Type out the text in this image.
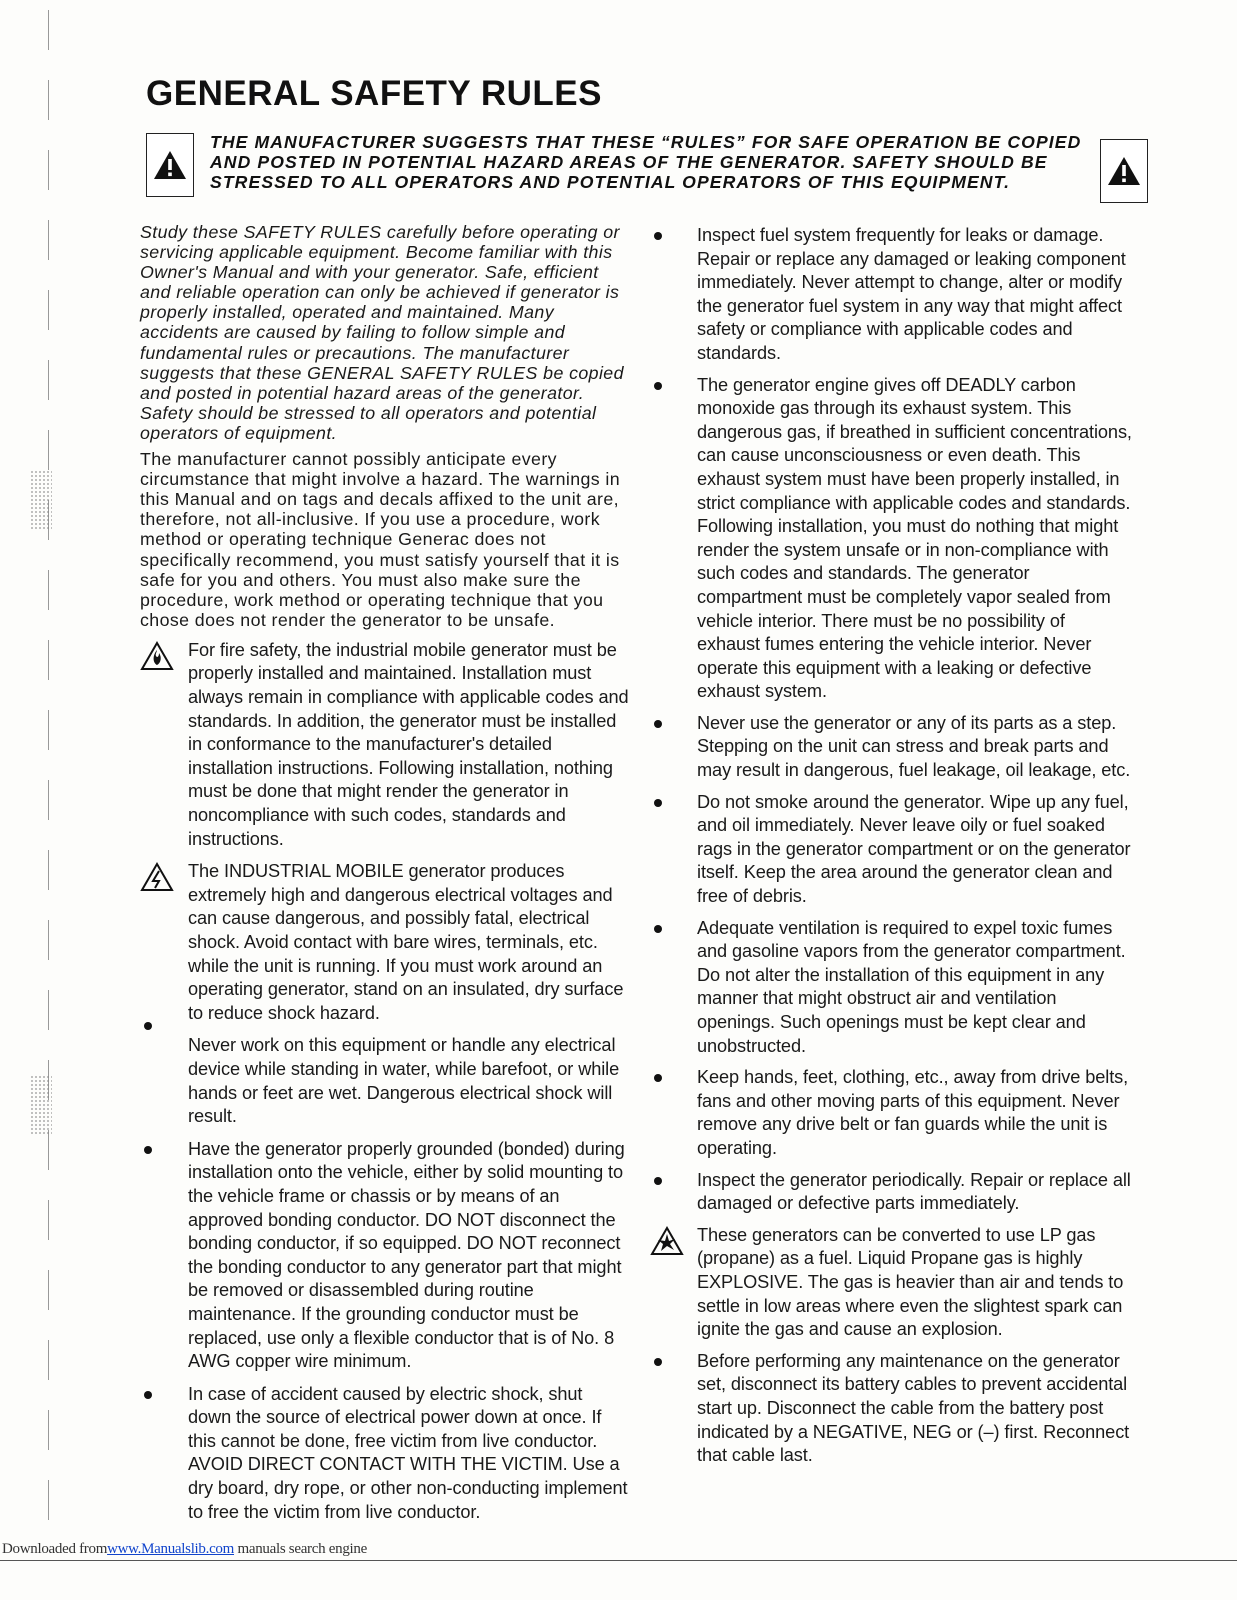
GENERAL SAFETY RULES

THE MANUFACTURER SUGGESTS THAT THESE “RULES” FOR SAFE OPERATION BE COPIED AND POSTED IN POTENTIAL HAZARD AREAS OF THE GENERATOR. SAFETY SHOULD BE STRESSED TO ALL OPERATORS AND POTENTIAL OPERATORS OF THIS EQUIPMENT.

Study these SAFETY RULES carefully before operating or servicing applicable equipment. Become familiar with this Owner's Manual and with your generator. Safe, efficient and reliable operation can only be achieved if generator is properly installed, operated and maintained. Many accidents are caused by failing to follow simple and fundamental rules or precautions. The manufacturer suggests that these GENERAL SAFETY RULES be copied and posted in potential hazard areas of the generator. Safety should be stressed to all operators and potential operators of equipment.

The manufacturer cannot possibly anticipate every circumstance that might involve a hazard. The warnings in this Manual and on tags and decals affixed to the unit are, therefore, not all-inclusive. If you use a procedure, work method or operating technique Generac does not specifically recommend, you must satisfy yourself that it is safe for you and others. You must also make sure the procedure, work method or operating technique that you chose does not render the generator to be unsafe.

For fire safety, the industrial mobile generator must be properly installed and maintained. Installation must always remain in compliance with applicable codes and standards. In addition, the generator must be installed in conformance to the manufacturer's detailed installation instructions. Following installation, nothing must be done that might render the generator in noncompliance with such codes, standards and instructions.
The INDUSTRIAL MOBILE generator produces extremely high and dangerous electrical voltages and can cause dangerous, and possibly fatal, electrical shock. Avoid contact with bare wires, terminals, etc. while the unit is running. If you must work around an operating generator, stand on an insulated, dry surface to reduce shock hazard.
Never work on this equipment or handle any electrical device while standing in water, while barefoot, or while hands or feet are wet. Dangerous electrical shock will result.
Have the generator properly grounded (bonded) during installation onto the vehicle, either by solid mounting to the vehicle frame or chassis or by means of an approved bonding conductor. DO NOT disconnect the bonding conductor, if so equipped. DO NOT reconnect the bonding conductor to any generator part that might be removed or disassembled during routine maintenance. If the grounding conductor must be replaced, use only a flexible conductor that is of No. 8 AWG copper wire minimum.
In case of accident caused by electric shock, shut down the source of electrical power down at once. If this cannot be done, free victim from live conductor. AVOID DIRECT CONTACT WITH THE VICTIM. Use a dry board, dry rope, or other non-conducting implement to free the victim from live conductor.
Inspect fuel system frequently for leaks or damage. Repair or replace any damaged or leaking component immediately. Never attempt to change, alter or modify the generator fuel system in any way that might affect safety or compliance with applicable codes and standards.
The generator engine gives off DEADLY carbon monoxide gas through its exhaust system. This dangerous gas, if breathed in sufficient concentrations, can cause unconsciousness or even death. This exhaust system must have been properly installed, in strict compliance with applicable codes and standards. Following installation, you must do nothing that might render the system unsafe or in non-compliance with such codes and standards. The generator compartment must be completely vapor sealed from vehicle interior. There must be no possibility of exhaust fumes entering the vehicle interior. Never operate this equipment with a leaking or defective exhaust system.
Never use the generator or any of its parts as a step. Stepping on the unit can stress and break parts and may result in dangerous, fuel leakage, oil leakage, etc.
Do not smoke around the generator. Wipe up any fuel, and oil immediately. Never leave oily or fuel soaked rags in the generator compartment or on the generator itself. Keep the area around the generator clean and free of debris.
Adequate ventilation is required to expel toxic fumes and gasoline vapors from the generator compartment. Do not alter the installation of this equipment in any manner that might obstruct air and ventilation openings. Such openings must be kept clear and unobstructed.
Keep hands, feet, clothing, etc., away from drive belts, fans and other moving parts of this equipment. Never remove any drive belt or fan guards while the unit is operating.
Inspect the generator periodically. Repair or replace all damaged or defective parts immediately.
These generators can be converted to use LP gas (propane) as a fuel. Liquid Propane gas is highly EXPLOSIVE. The gas is heavier than air and tends to settle in low areas where even the slightest spark can ignite the gas and cause an explosion.
Before performing any maintenance on the generator set, disconnect its battery cables to prevent accidental start up. Disconnect the cable from the battery post indicated by a NEGATIVE, NEG or (–) first. Reconnect that cable last.
Downloaded fromwww.Manualslib.com manuals search engine
